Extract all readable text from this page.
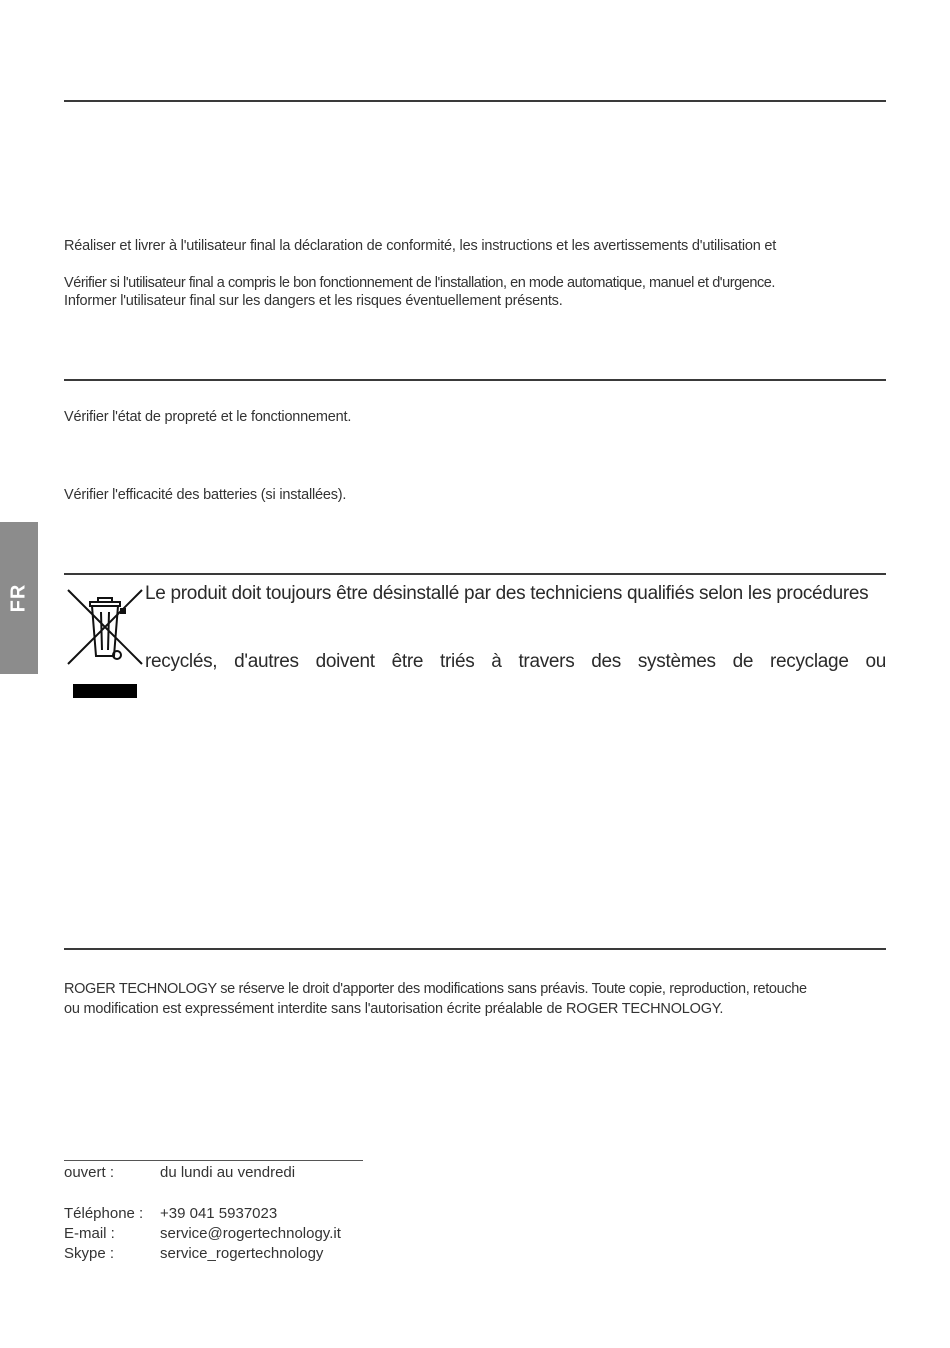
FR
Réaliser et livrer à l'utilisateur final la déclaration de conformité, les instructions et les avertissements d'utilisation et
Vérifier si l'utilisateur final a compris le bon fonctionnement de l'installation, en mode automatique, manuel et d'urgence.
Informer l'utilisateur final sur les dangers et les risques éventuellement présents.
Vérifier l'état de propreté et le fonctionnement.
Vérifier l'efficacité des batteries (si installées).
Le produit doit toujours être désinstallé par des techniciens qualifiés selon les procédures
recyclés, d'autres doivent être triés à travers des systèmes de recyclage ou
ROGER TECHNOLOGY se réserve le droit d'apporter des modifications sans préavis. Toute copie, reproduction, retouche
ou modification est expressément interdite sans l'autorisation écrite préalable de ROGER TECHNOLOGY.
ouvert :	du lundi au vendredi
Téléphone : +39 041 5937023
E-mail :	service@rogertechnology.it
Skype :	service_rogertechnology
